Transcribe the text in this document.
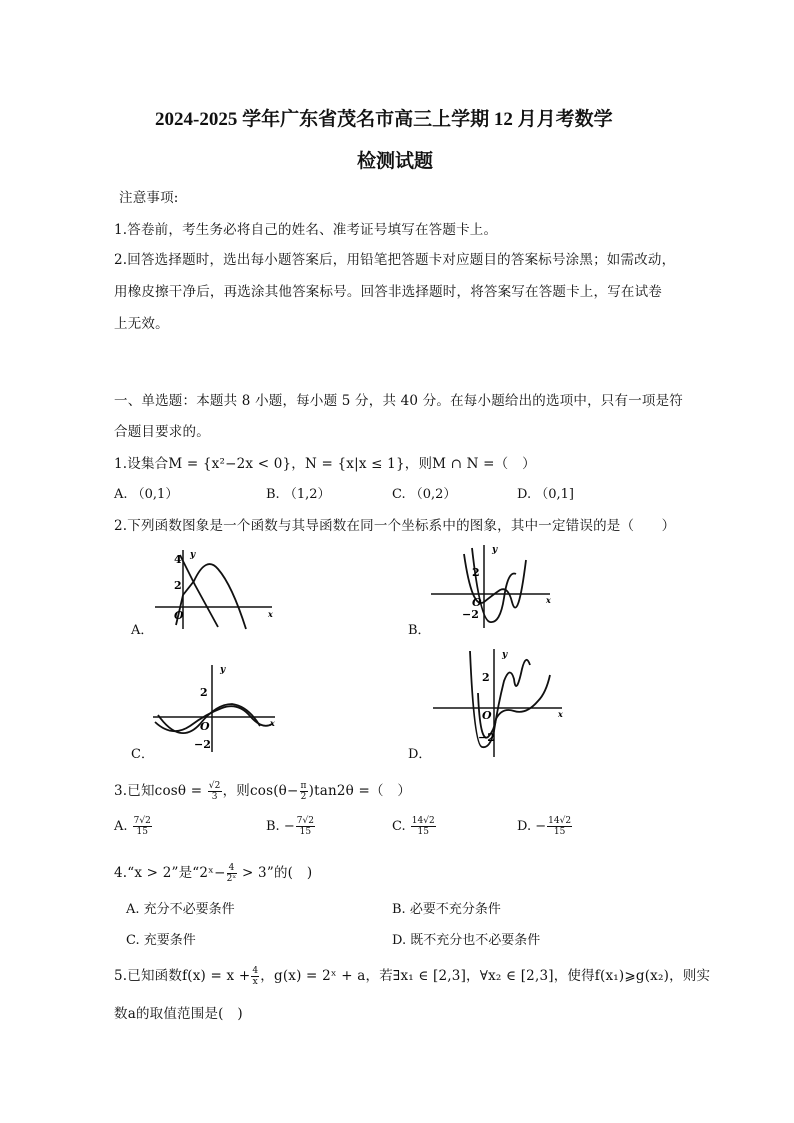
2024-2025 学年广东省茂名市高三上学期 12 月月考数学
检测试题
注意事项:
1.答卷前，考生务必将自己的姓名、准考证号填写在答题卡上。
2.回答选择题时，选出每小题答案后，用铅笔把答题卡对应题目的答案标号涂黑；如需改动，
用橡皮擦干净后，再选涂其他答案标号。回答非选择题时，将答案写在答题卡上，写在试卷
上无效。
一、单选题：本题共 8 小题，每小题 5 分，共 40 分。在每小题给出的选项中，只有一项是符
合题目要求的。
1.设集合M = {x²−2x < 0}，N = {x|x ≤ 1}，则M ∩ N =（　）
A. （0,1）	B. （1,2）	C. （0,2）	D. （0,1]
2.下列函数图象是一个函数与其导函数在同一个坐标系中的图象，其中一定错误的是（　　）
y
x
O
4
2
A．
y
x
O
2
−2
B．
y
x
O
2
−2
C．
y
x
O
2
−2
D．
3.已知$\cos\theta = \frac{√2}{3}$ ，则$\cos(\theta- \frac{\pi}{2} )\tan 2\theta$ =（　）
A. $\frac{7√2}{15}$	B. − $\frac{7√2}{15}$	C. $\frac{14√2}{15}$	D. − $\frac{14√2}{15}$
4.“x > 2”是“2ˣ− $\frac{4}{\text{2ˣ}} > 3$”的(　)
A. 充分不必要条件	B. 必要不充分条件
C. 充要条件	D. 既不充分也不必要条件
5.已知函数$f(x) = x + \frac{4}{x}$ ，g(x) = 2ˣ + a，若∃x₁ ∈ [2,3]，∀x₂ ∈ [2,3]，使得f(x₁)⩾g(x₂)，则实
数a的取值范围是(　)
